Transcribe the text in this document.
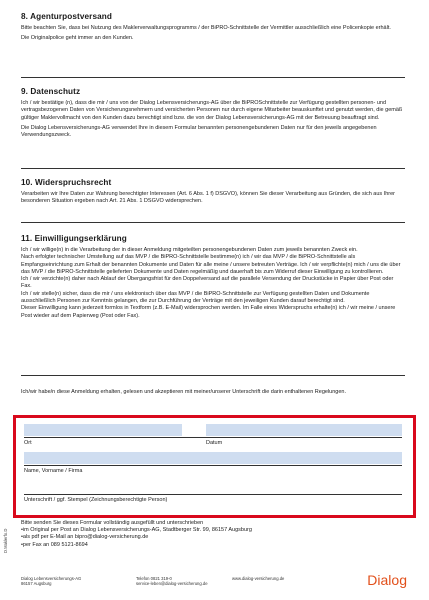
8. Agenturpostversand
Bitte beachten Sie, dass bei Nutzung des Maklerverwaltungsprogramms / der BiPRO-Schnittstelle der Vermittler ausschließlich eine Policenkopie erhält.
Die Originalpolice geht immer an den Kunden.
9. Datenschutz
Ich / wir bestätige (n), dass die mir / uns von der Dialog Lebensversicherungs-AG über die BiPROSchnittstelle zur Verfügung gestellten personen- und vertragsbezogenen Daten von Versicherungsnehmern und versicherten Personen nur durch eigene Mitarbeiter beauskunftet und genutzt werden, die gemäß gültiger Maklervollmacht von den Kunden dazu berechtigt sind bzw. die von der Dialog Lebensversicherungs-AG mit der Betreuung beauftragt sind.
Die Dialog Lebensversicherungs-AG verwendet Ihre in diesem Formular benannten personengebundenen Daten nur für den jeweils angegebenen Verwendungszweck.
10. Widerspruchsrecht
Verarbeiten wir Ihre Daten zur Wahrung berechtigter Interessen (Art. 6 Abs. 1 f) DSGVO), können Sie dieser Verarbeitung aus Gründen, die sich aus Ihrer besonderen Situation ergeben nach Art. 21 Abs. 1 DSGVO widersprechen.
11. Einwilligungserklärung
Ich / wir willige(n) in die Verarbeitung der in dieser Anmeldung mitgeteilten personengebundenen Daten zum jeweils benannten Zweck ein.
Nach erfolgter technischer Umstellung auf das MVP / die BiPRO-Schnittstelle bestimme(n) ich / wir das MVP / die BiPRO-Schnittstelle als Empfangseinrichtung zum Erhalt der benannten Dokumente und Daten für alle meine / unsere betreuten Verträge. Ich / wir verpflichte(n) mich / uns die über das MVP / die BiPRO-Schnittstelle gelieferten Dokumente und Daten regelmäßig und dauerhaft bis zum Widerruf dieser Einwilligung zu kontrollieren.
Ich / wir verzichte(n) daher nach Ablauf der Übergangsfrist für den Doppelversand auf die parallele Versendung der Druckstücke in Papier über Post oder Fax.
Ich / wir stelle(n) sicher, dass die mir / uns elektronisch über das MVP / die BiPRO-Schnittstelle zur Verfügung gestellten Daten und Dokumente ausschließlich Personen zur Kenntnis gelangen, die zur Durchführung der Verträge mit den jeweiligen Kunden darauf berechtigt sind.
Dieser Einwilligung kann jederzeit formlos in Textform (z.B. E-Mail) widersprochen werden. Im Falle eines Widerspruchs erhalte(n) ich / wir meine / unsere Post wieder auf dem Papierweg (Post oder Fax).
Ich/wir habe/n diese Anmeldung erhalten, gelesen und akzeptieren mit meiner/unserer Unterschrift die darin enthaltenen Regelungen.
Ort	Datum
Name, Vorname / Firma
Unterschrift / ggf. Stempel (Zeichnungsberechtigte Person)
Bitte senden Sie dieses Formular vollständig ausgefüllt und unterschrieben
•im Original per Post an Dialog Lebensversicherungs-AG, Stadtberger Str. 99, 86157 Augsburg
•als pdf per E-Mail an bipro@dialog-versicherung.de
•per Fax an 089 5121-8694
D.Maklerfo.D
Dialog Lebensversicherungs-AG
86157 Augsburg
Telefon 0821 319-0
service-leben@dialog-versicherung.de
www.dialog-versicherung.de	Dialog
